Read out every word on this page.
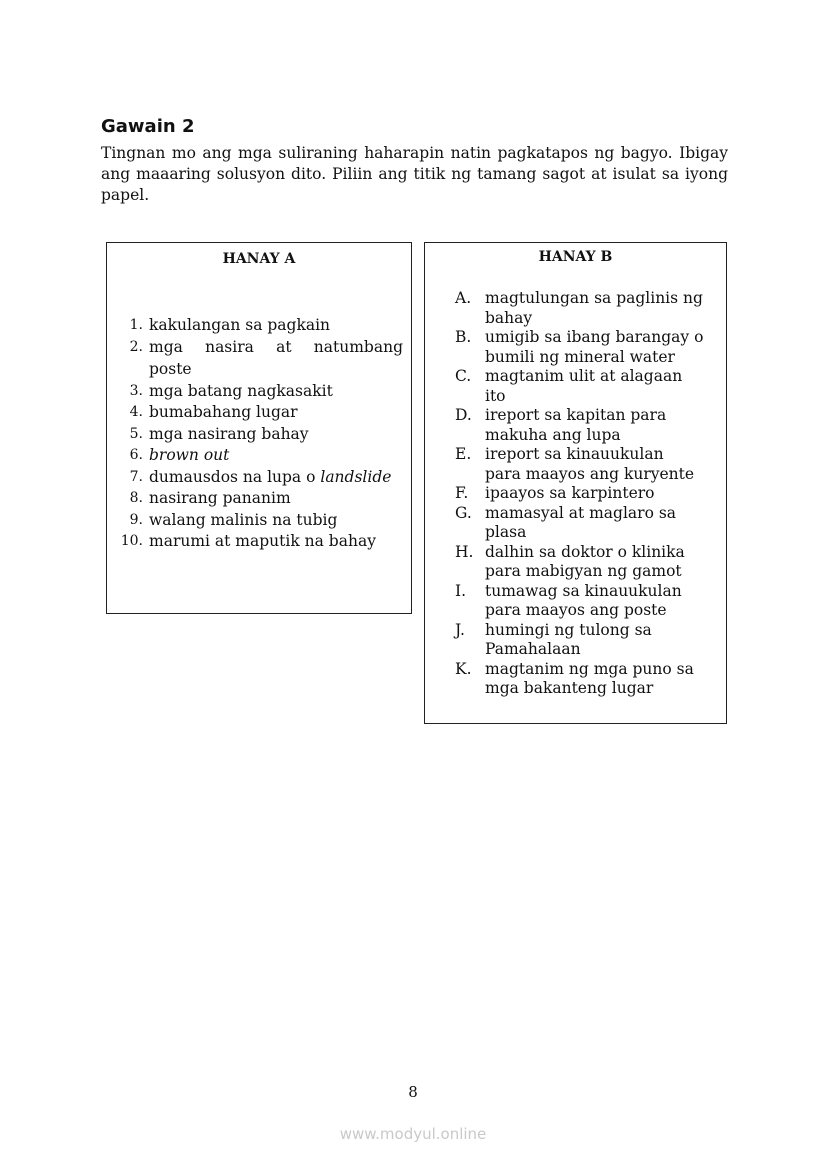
Gawain 2

Tingnan mo ang mga suliraning haharapin natin pagkatapos ng bagyo. Ibigay ang maaaring solusyon dito. Piliin ang titik ng tamang sagot at isulat sa iyong papel.

HANAY A
1. kakulangan sa pagkain
2. mga nasira at natumbang
poste
3. mga batang nagkasakit
4. bumabahang lugar
5. mga nasirang bahay
6. brown out
7. dumausdos na lupa o landslide
8. nasirang pananim
9. walang malinis na tubig
10. marumi at maputik na bahay
HANAY B
A. magtulungan sa paglinis ng
bahay
B. umigib sa ibang barangay o
bumili ng mineral water
C. magtanim ulit at alagaan
ito
D. ireport sa kapitan para
makuha ang lupa
E. ireport sa kinauukulan
para maayos ang kuryente
F.	ipaayos sa karpintero
G. mamasyal at maglaro sa
plasa
H. dalhin sa doktor o klinika
para mabigyan ng gamot
I.	tumawag sa kinauukulan
para maayos ang poste
J.	humingi ng tulong sa
Pamahalaan
K. magtanim ng mga puno sa
mga bakanteng lugar
8
www.modyul.online
